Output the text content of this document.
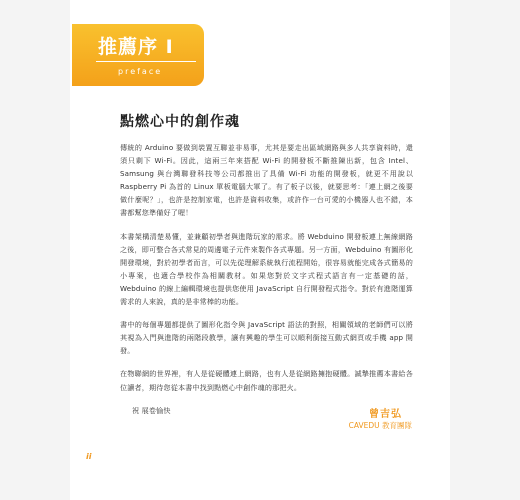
推薦序 I
preface
點燃心中的創作魂

傳統的 Arduino 要做到裝置互聯並非易事，尤其是要走出區域網路與多人共享資料時，還須只剩下 Wi-Fi。因此，這兩三年來搭配 Wi-Fi 的開發板不斷推陳出新，包含 Intel、Samsung 與台灣聯發科技等公司都推出了具備 Wi-Fi 功能的開發板，就更不用說以 Raspberry Pi 為首的 Linux 單板電腦大軍了。有了板子以後，就要思考：「連上網之後要做什麼呢？」，也許是控制家電，也許是資料收集，或許作一台可愛的小機器人也不錯，本書都幫您準備好了喔！

本書架構清楚易懂，並兼顧初學者與進階玩家的需求。將 Webduino 開發板連上無線網路之後，即可整合各式常見的周邊電子元件來製作各式專題。另一方面，Webduino 有圖形化開發環境，對於初學者而言，可以先從理解系統執行流程開始，很容易就能完成各式簡易的小專案，也適合學校作為相關教材。如果您對於文字式程式語言有一定基礎的話，Webduino 的線上編輯環境也提供您使用 JavaScript 自行開發程式指令。對於有進階運算需求的人來說，真的是非常棒的功能。

書中的每個專題都提供了圖形化指令與 JavaScript 語法的對照，相關領域的老師們可以將其視為入門與進階的兩階段教學，讓有興趣的學生可以順利銜接互動式網頁或手機 app 開發。

在物聯網的世界裡，有人是從硬體連上網路，也有人是從網路擁抱硬體。誠摯推薦本書給各位讀者，期待您從本書中找到點燃心中創作魂的那把火。

祝 展卷愉快	曾吉弘
CAVEDU 教育團隊
ii
